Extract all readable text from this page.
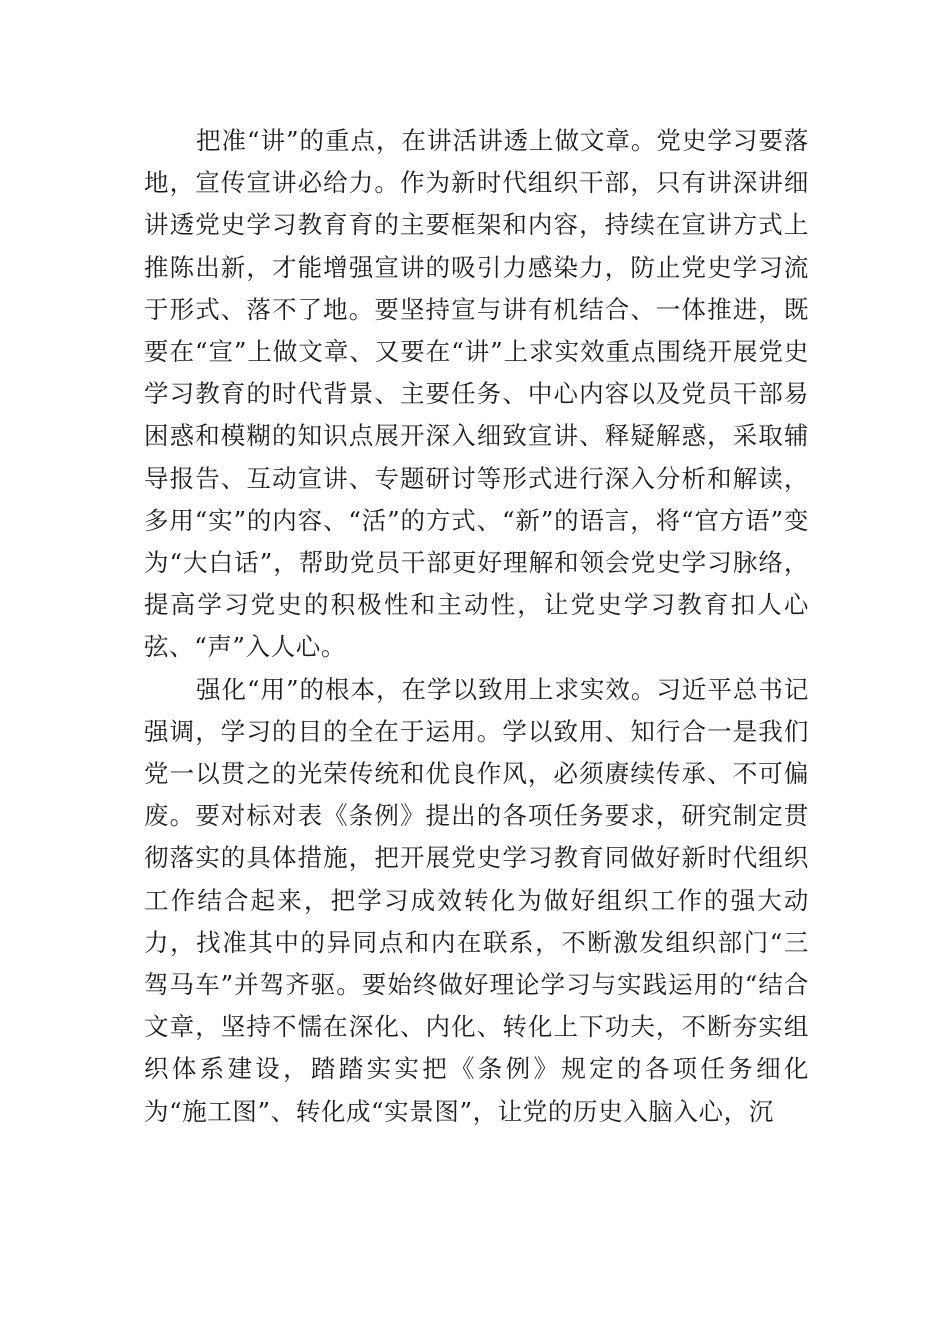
把准“讲”的重点，在讲活讲透上做文章。党史学习要落地，宣传宣讲必给力。作为新时代组织干部，只有讲深讲细讲透党史学习教育育的主要框架和内容，持续在宣讲方式上推陈出新，才能增强宣讲的吸引力感染力，防止党史学习流于形式、落不了地。要坚持宣与讲有机结合、一体推进，既要在“宣”上做文章、又要在“讲”上求实效重点围绕开展党史学习教育的时代背景、主要任务、中心内容以及党员干部易困惑和模糊的知识点展开深入细致宣讲、释疑解惑，采取辅导报告、互动宣讲、专题研讨等形式进行深入分析和解读，多用“实”的内容、“活”的方式、“新”的语言，将“官方语”变为“大白话”，帮助党员干部更好理解和领会党史学习脉络，提高学习党史的积极性和主动性，让党史学习教育扣人心弦、“声”入人心。

强化“用”的根本，在学以致用上求实效。习近平总书记强调，学习的目的全在于运用。学以致用、知行合一是我们党一以贯之的光荣传统和优良作风，必须赓续传承、不可偏废。要对标对表《条例》提出的各项任务要求，研究制定贯彻落实的具体措施，把开展党史学习教育同做好新时代组织工作结合起来，把学习成效转化为做好组织工作的强大动力，找准其中的异同点和内在联系，不断激发组织部门“三驾马车”并驾齐驱。要始终做好理论学习与实践运用的“结合文章，坚持不懦在深化、内化、转化上下功夫，不断夯实组织体系建设，踏踏实实把《条例》规定的各项任务细化为“施工图”、转化成“实景图”，让党的历史入脑入心，沉
